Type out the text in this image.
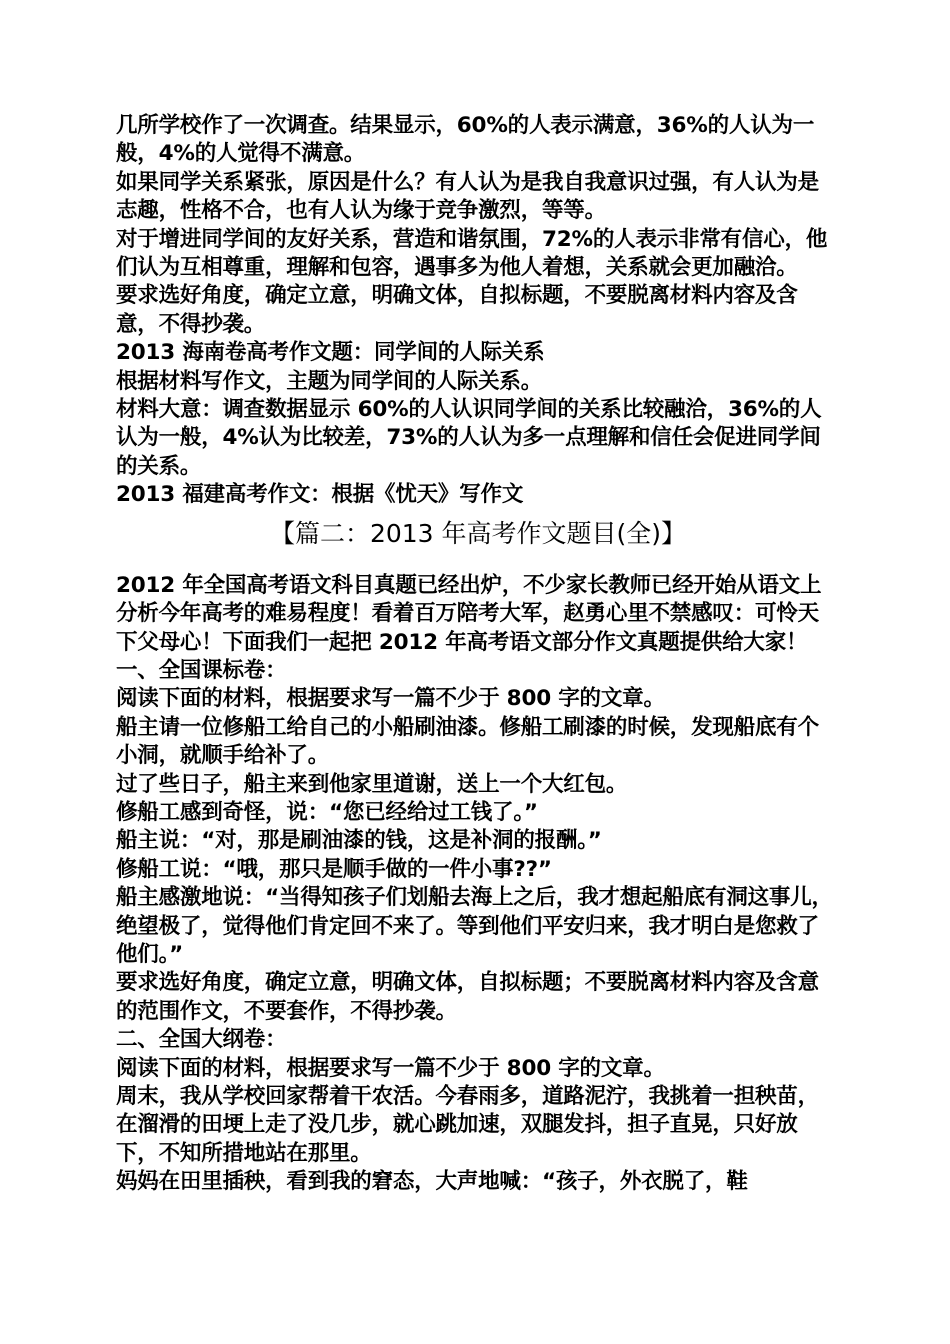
几所学校作了一次调查。结果显示，60%的人表示满意，36%的人认为一般，4%的人觉得不满意。

如果同学关系紧张，原因是什么？有人认为是我自我意识过强，有人认为是志趣，性格不合，也有人认为缘于竞争激烈，等等。

对于增进同学间的友好关系，营造和谐氛围，72%的人表示非常有信心，他们认为互相尊重，理解和包容，遇事多为他人着想，关系就会更加融洽。

要求选好角度，确定立意，明确文体，自拟标题，不要脱离材料内容及含意，不得抄袭。

2013 海南卷高考作文题：同学间的人际关系

根据材料写作文，主题为同学间的人际关系。

材料大意：调查数据显示 60%的人认识同学间的关系比较融洽，36%的人认为一般，4%认为比较差，73%的人认为多一点理解和信任会促进同学间的关系。

2013 福建高考作文：根据《忧天》写作文

【篇二：2013 年高考作文题目(全)】

2012 年全国高考语文科目真题已经出炉，不少家长教师已经开始从语文上分析今年高考的难易程度！看着百万陪考大军，赵勇心里不禁感叹：可怜天下父母心！下面我们一起把 2012 年高考语文部分作文真题提供给大家！

一、全国课标卷：

阅读下面的材料，根据要求写一篇不少于 800 字的文章。

船主请一位修船工给自己的小船刷油漆。修船工刷漆的时候，发现船底有个小洞，就顺手给补了。

过了些日子，船主来到他家里道谢，送上一个大红包。

修船工感到奇怪，说：“您已经给过工钱了。”

船主说：“对，那是刷油漆的钱，这是补洞的报酬。”

修船工说：“哦，那只是顺手做的一件小事??”

船主感激地说：“当得知孩子们划船去海上之后，我才想起船底有洞这事儿，绝望极了，觉得他们肯定回不来了。等到他们平安归来，我才明白是您救了他们。”

要求选好角度，确定立意，明确文体，自拟标题；不要脱离材料内容及含意的范围作文，不要套作，不得抄袭。

二、全国大纲卷：

阅读下面的材料，根据要求写一篇不少于 800 字的文章。

周末，我从学校回家帮着干农活。今春雨多，道路泥泞，我挑着一担秧苗，在溜滑的田埂上走了没几步，就心跳加速，双腿发抖，担子直晃，只好放下，不知所措地站在那里。

妈妈在田里插秧，看到我的窘态，大声地喊：“孩子，外衣脱了，鞋
